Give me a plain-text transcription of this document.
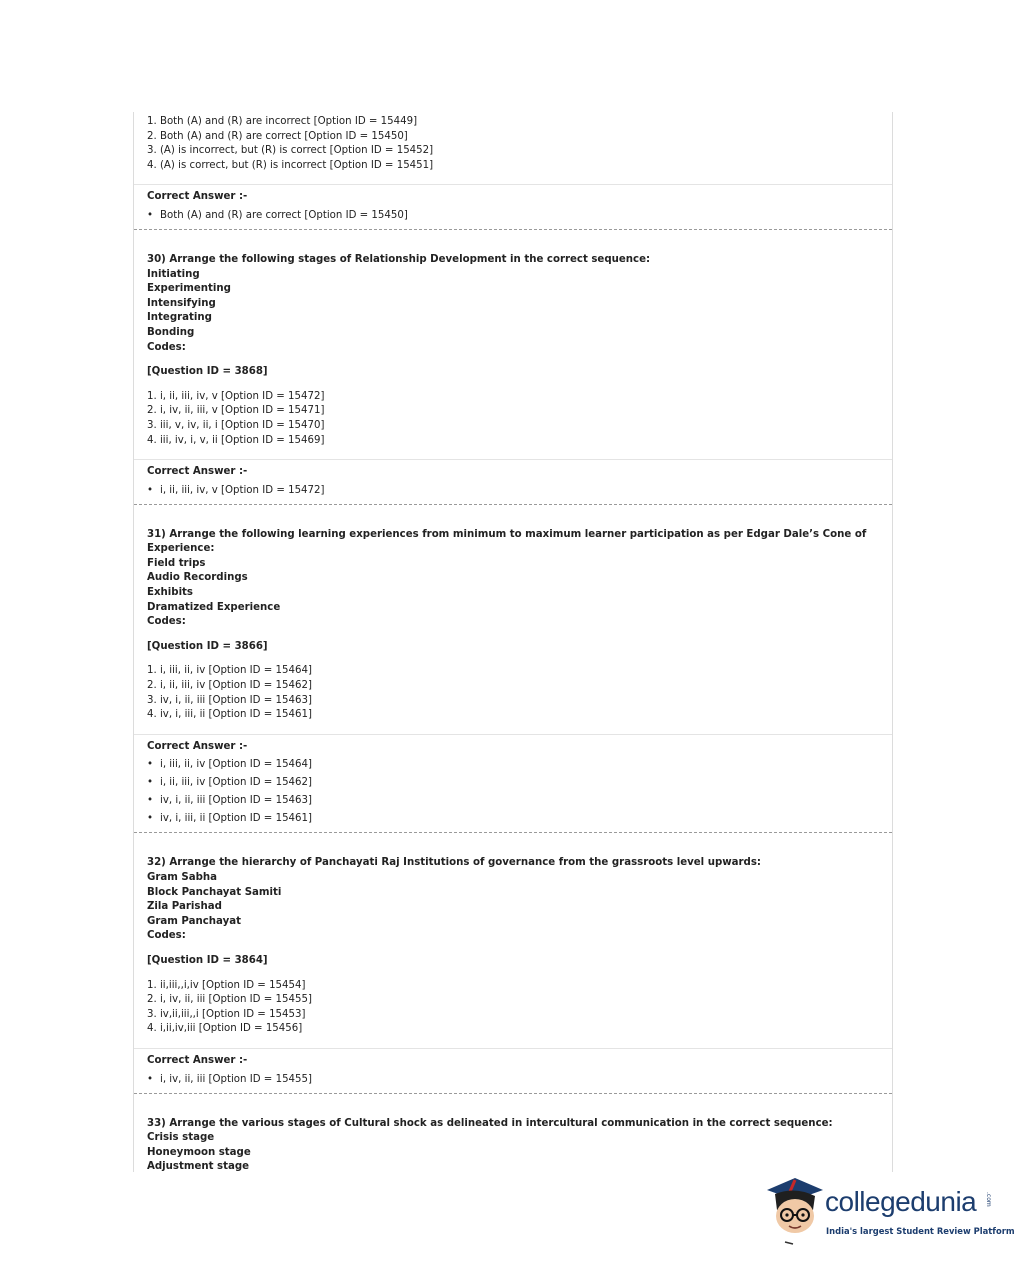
1. Both (A) and (R) are incorrect [Option ID = 15449]
2. Both (A) and (R) are correct [Option ID = 15450]
3. (A) is incorrect, but (R) is correct [Option ID = 15452]
4. (A) is correct, but (R) is incorrect [Option ID = 15451]
Correct Answer :-
• Both (A) and (R) are correct [Option ID = 15450]
30) Arrange the following stages of Relationship Development in the correct sequence:
Initiating
Experimenting
Intensifying
Integrating
Bonding
Codes:
[Question ID = 3868]
1. i, ii, iii, iv, v [Option ID = 15472]
2. i, iv, ii, iii, v [Option ID = 15471]
3. iii, v, iv, ii, i [Option ID = 15470]
4. iii, iv, i, v, ii [Option ID = 15469]
Correct Answer :-
• i, ii, iii, iv, v [Option ID = 15472]
31) Arrange the following learning experiences from minimum to maximum learner participation as per Edgar Dale’s Cone of Experience:
Field trips
Audio Recordings
Exhibits
Dramatized Experience
Codes:
[Question ID = 3866]
1. i, iii, ii, iv [Option ID = 15464]
2. i, ii, iii, iv [Option ID = 15462]
3. iv, i, ii, iii [Option ID = 15463]
4. iv, i, iii, ii [Option ID = 15461]
Correct Answer :-
• i, iii, ii, iv [Option ID = 15464]
• i, ii, iii, iv [Option ID = 15462]
• iv, i, ii, iii [Option ID = 15463]
• iv, i, iii, ii [Option ID = 15461]
32) Arrange the hierarchy of Panchayati Raj Institutions of governance from the grassroots level upwards:
Gram Sabha
Block Panchayat Samiti
Zila Parishad
Gram Panchayat
Codes:
[Question ID = 3864]
1. ii,iii,,i,iv [Option ID = 15454]
2. i, iv, ii, iii [Option ID = 15455]
3. iv,ii,iii,,i [Option ID = 15453]
4. i,ii,iv,iii [Option ID = 15456]
Correct Answer :-
• i, iv, ii, iii [Option ID = 15455]
33) Arrange the various stages of Cultural shock as delineated in intercultural communication in the correct sequence:
Crisis stage
Honeymoon stage
Adjustment stage
collegedunia .com
India's largest Student Review Platform
